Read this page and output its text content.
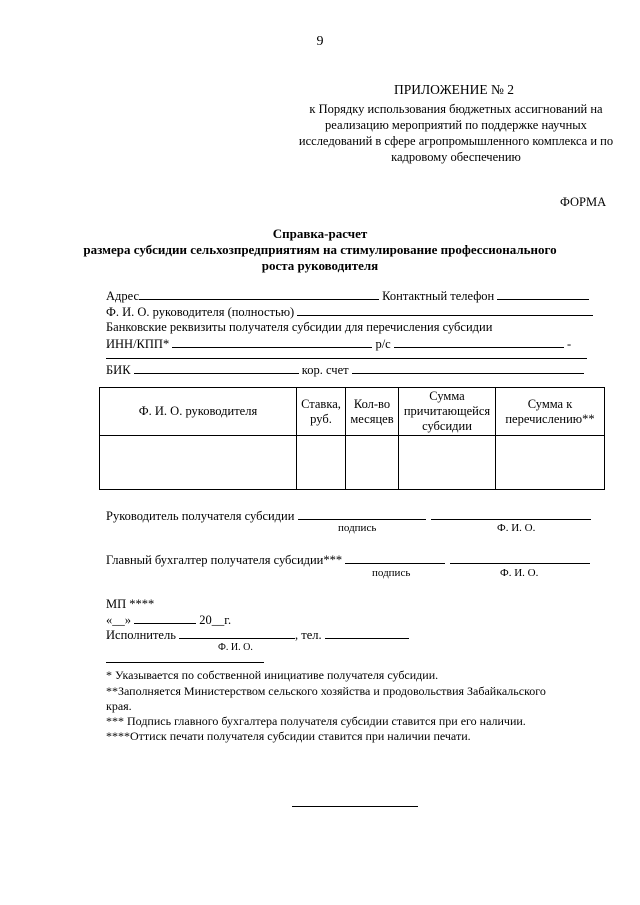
9
ПРИЛОЖЕНИЕ № 2
к Порядку использования бюджетных ассигнований на реализацию мероприятий по поддержке научных исследований в сфере агропромышленного комплекса и по кадровому обеспечению
ФОРМА
Справка-расчет
размера субсидии сельхозпредприятиям на стимулирование профессионального роста руководителя
Адрес	Контактный телефон
Ф. И. О. руководителя (полностью)
Банковские реквизиты получателя субсидии для перечисления субсидии
ИНН/КПП*	р/с	-
БИК	кор. счет
Ф. И. О. руководителя	Ставка, руб.	Кол-во месяцев	Сумма причитающейся субсидии	Сумма к перечислению**

Руководитель получателя субсидии
подпись	Ф. И. О.
Главный бухгалтер получателя субсидии***
подпись	Ф. И. О.
МП ****
«__»	20__г.
Исполнитель	, тел.
Ф. И. О.
* Указывается по собственной инициативе получателя субсидии.
**Заполняется Министерством сельского хозяйства и продовольствия Забайкальского
края.
*** Подпись главного бухгалтера получателя субсидии ставится при его наличии.
****Оттиск печати получателя субсидии ставится при наличии печати.
